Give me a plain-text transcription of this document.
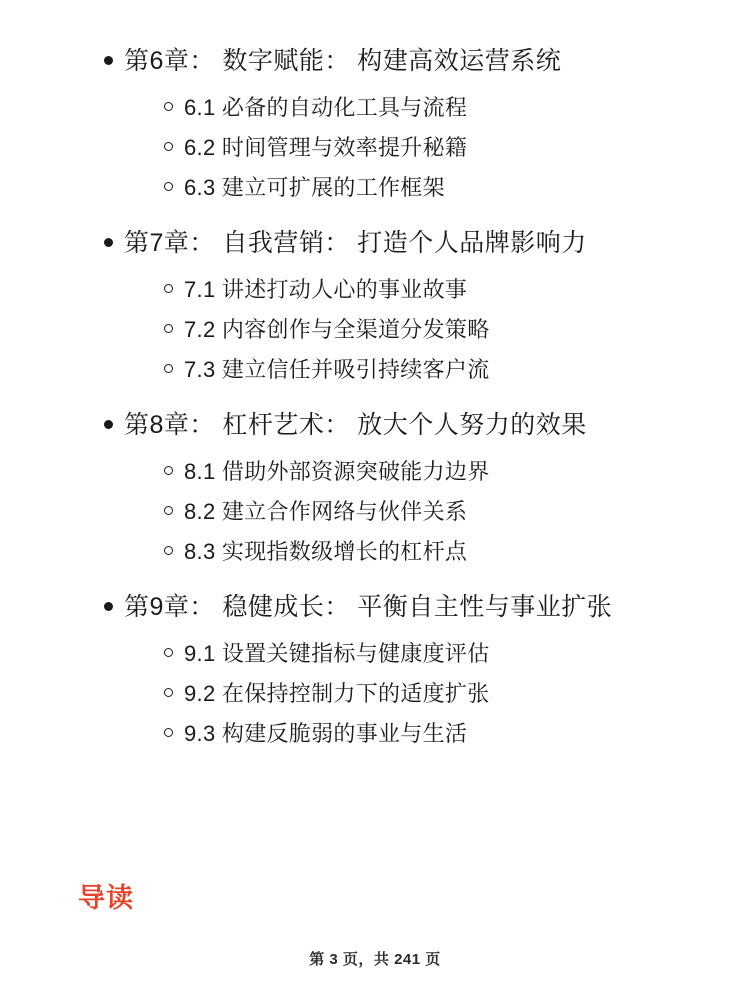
第6章： 数字赋能： 构建高效运营系统
6.1 必备的自动化工具与流程
6.2 时间管理与效率提升秘籍
6.3 建立可扩展的工作框架
第7章： 自我营销： 打造个人品牌影响力
7.1 讲述打动人心的事业故事
7.2 内容创作与全渠道分发策略
7.3 建立信任并吸引持续客户流
第8章： 杠杆艺术： 放大个人努力的效果
8.1 借助外部资源突破能力边界
8.2 建立合作网络与伙伴关系
8.3 实现指数级增长的杠杆点
第9章： 稳健成长： 平衡自主性与事业扩张
9.1 设置关键指标与健康度评估
9.2 在保持控制力下的适度扩张
9.3 构建反脆弱的事业与生活
导读
第 3 页，共 241 页
